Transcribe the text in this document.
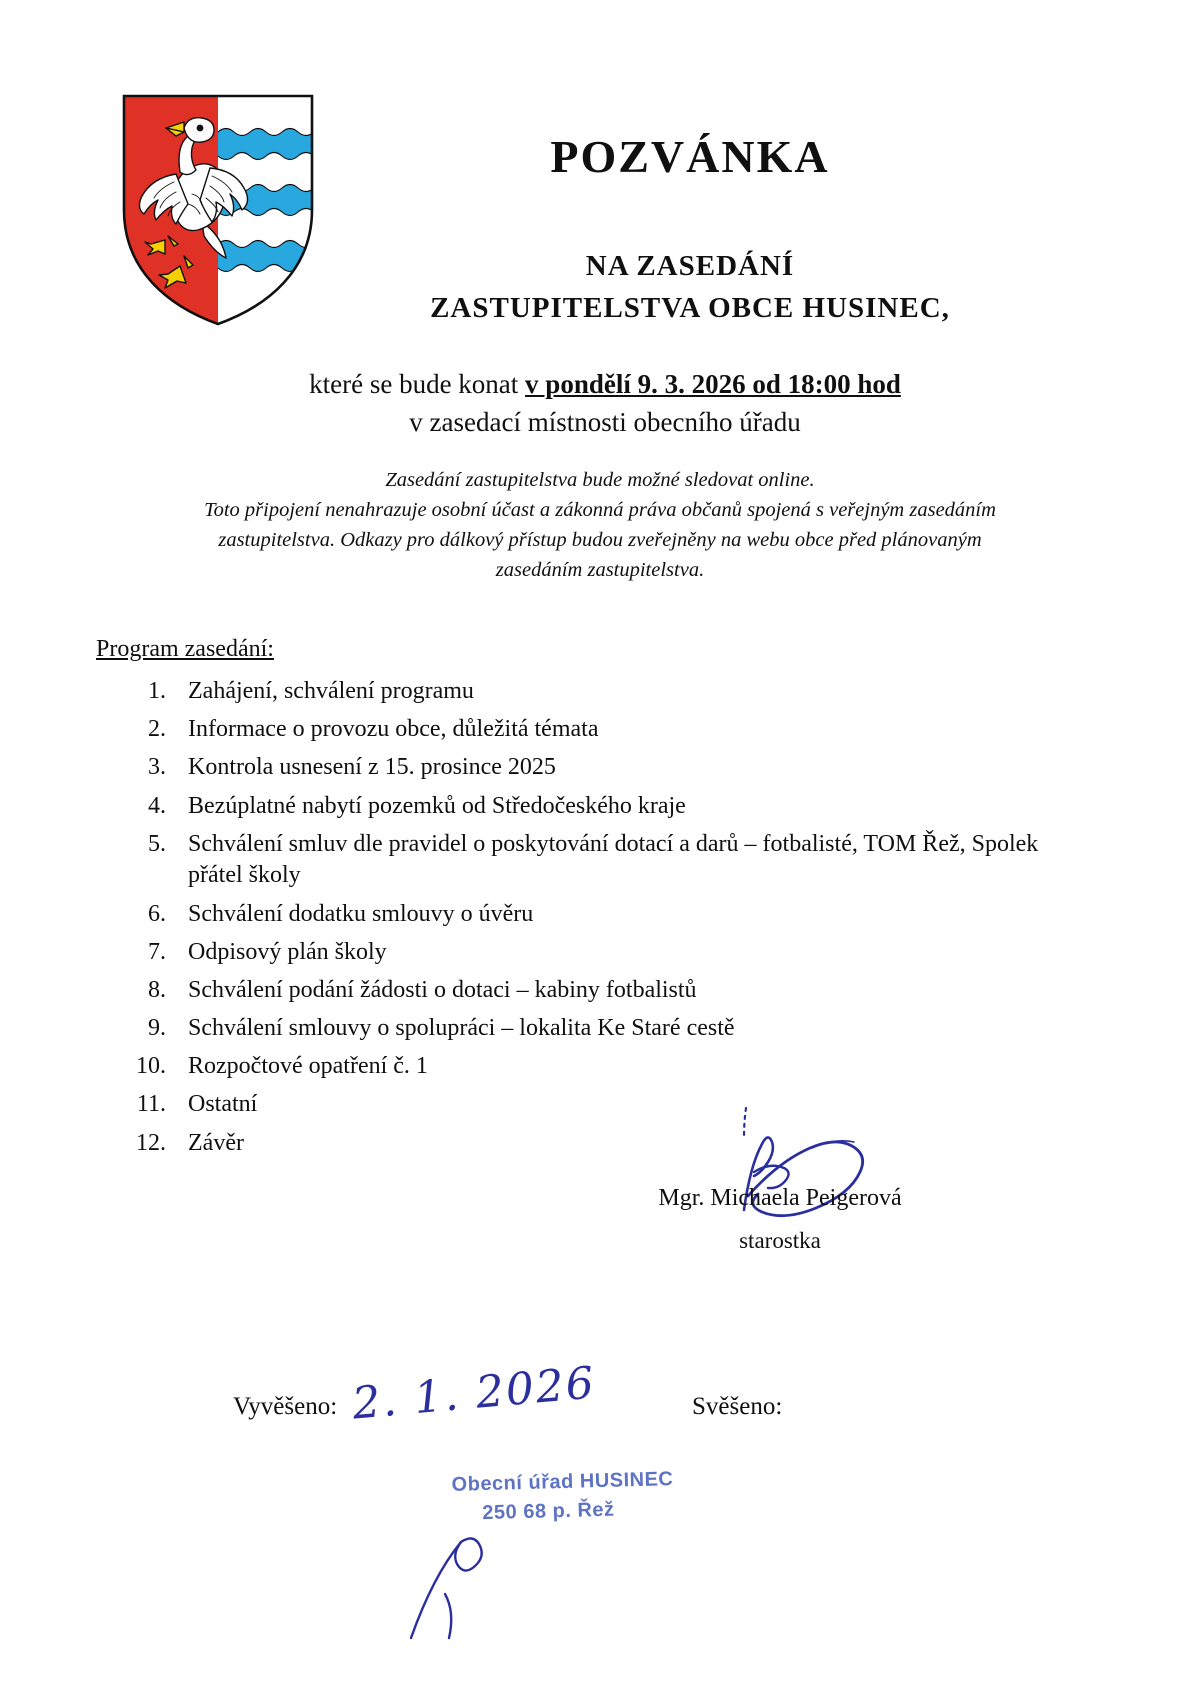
POZVÁNKA
NA ZASEDÁNÍ
ZASTUPITELSTVA OBCE HUSINEC,
které se bude konat v pondělí 9. 3. 2026 od 18:00 hod
v zasedací místnosti obecního úřadu
Zasedání zastupitelstva bude možné sledovat online.
Toto připojení nenahrazuje osobní účast a zákonná práva občanů spojená s veřejným zasedáním
zastupitelstva. Odkazy pro dálkový přístup budou zveřejněny na webu obce před plánovaným
zasedáním zastupitelstva.
Program zasedání:
1. Zahájení, schválení programu
2. Informace o provozu obce, důležitá témata
3. Kontrola usnesení z 15. prosince 2025
4. Bezúplatné nabytí pozemků od Středočeského kraje
5. Schválení smluv dle pravidel o poskytování dotací a darů – fotbalisté, TOM Řež, Spolek přátel školy
6. Schválení dodatku smlouvy o úvěru
7. Odpisový plán školy
8. Schválení podání žádosti o dotaci – kabiny fotbalistů
9. Schválení smlouvy o spolupráci – lokalita Ke Staré cestě
10. Rozpočtové opatření č. 1
11. Ostatní
12. Závěr
Mgr. Michaela Peigerová
starostka
Vyvěšeno: 2. 1. 2026	Svěšeno:
Obecní úřad HUSINEC
250 68 p. Řež
